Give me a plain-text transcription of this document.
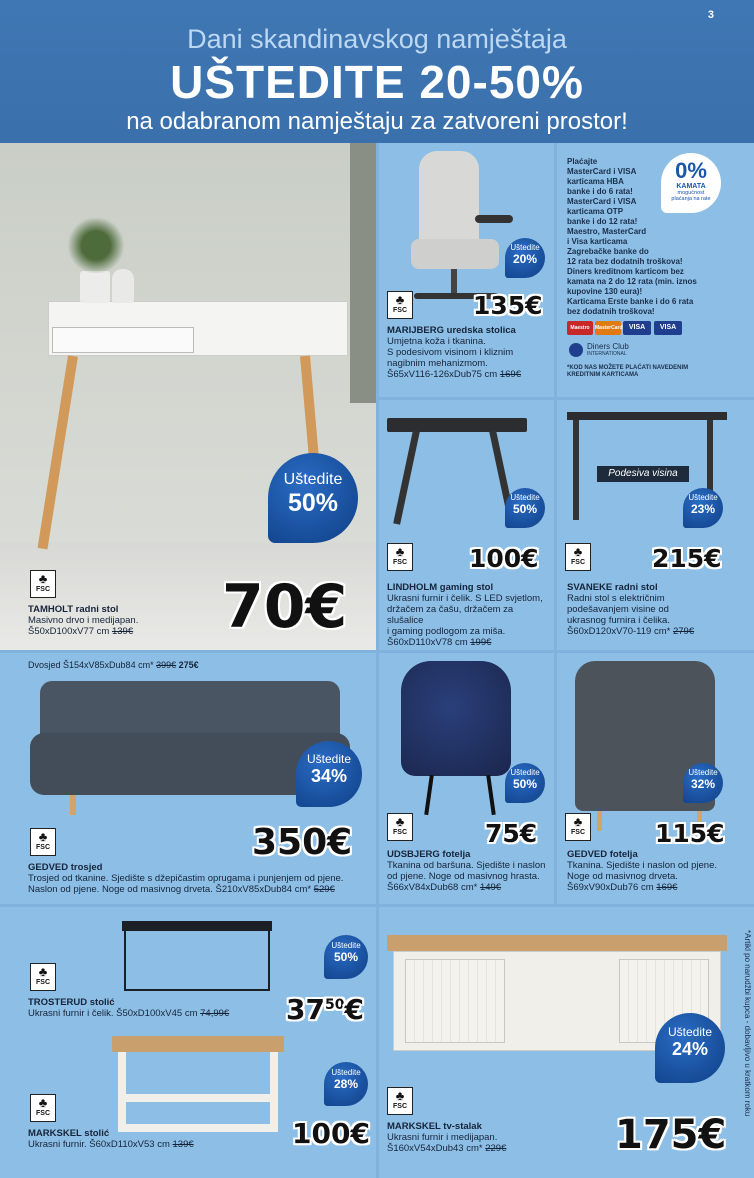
3
Dani skandinavskog namještaja
UŠTEDITE 20-50%
na odabranom namještaju za zatvoreni prostor!
♣
FSC
TAMHOLT radni stol
Masivno drvo i medijapan.
Š50xD100xV77 cm 139€
Uštedite
50%
70€
♣
FSC
Uštedite
20%
135€
MARIJBERG uredska stolica
Umjetna koža i tkanina.
S podesivom visinom i kliznim
nagibnim mehanizmom.
Š65xV116-126xDub75 cm 169€
Plaćajte
MasterCard i VISA
karticama HBA
banke i do 6 rata!
MasterCard i VISA
karticama OTP
banke i do 12 rata!
Maestro, MasterCard
i Visa karticama
Zagrebačke banke do
12 rata bez dodatnih troškova!
Diners kreditnom karticom bez
kamata na 2 do 12 rata (min. iznos
kupovine 130 eura)!
Karticama Erste banke i do 6 rata
bez dodatnih troškova!
0%
KAMATA
mogućnost plaćanja na rate
Maestro	MasterCard VISA	VISA
Diners Club
INTERNATIONAL
*KOD NAS MOŽETE PLAĆATI NAVEDENIM KREDITNIM KARTICAMA
♣
FSC
Uštedite
50%
100€
LINDHOLM gaming stol
Ukrasni furnir i čelik. S LED svjetlom,
držačem za čašu, držačem za slušalice
i gaming podlogom za miša.
Š60xD110xV78 cm 199€
Podesiva visina
♣
FSC
Uštedite
23%
215€
SVANEKE radni stol
Radni stol s električnim
podešavanjem visine od
ukrasnog furnira i čelika.
Š60xD120xV70-119 cm* 279€
Dvosjed Š154xV85xDub84 cm* 399€ 275€
♣
FSC
Uštedite
34%
350€
GEDVED trosjed
Trosjed od tkanine. Sjedište s džepičastim oprugama i punjenjem od pjene.
Naslon od pjene. Noge od masivnog drveta. Š210xV85xDub84 cm* 529€
♣
FSC
Uštedite
50%
75€
UDSBJERG fotelja
Tkanina od baršuna. Sjedište i naslon
od pjene. Noge od masivnog hrasta.
Š66xV84xDub68 cm* 149€
♣
FSC
Uštedite
32%
115€
GEDVED fotelja
Tkanina. Sjedište i naslon od pjene.
Noge od masivnog drveta.
Š69xV90xDub76 cm 169€
♣
FSC
TROSTERUD stolić
Ukrasni furnir i čelik. Š50xD100xV45 cm 74,99€
Uštedite
50%
$37^{50}€$
♣
FSC
MARKSKEL stolić
Ukrasni furnir. Š60xD110xV53 cm 139€
Uštedite
28%
100€
♣
FSC
Uštedite
24%
175€
MARKSKEL tv-stalak
Ukrasni furnir i medijapan.
Š160xV54xDub43 cm* 229€
*Artikl po narudžbi kupca - dobavljivo u kratkom roku
